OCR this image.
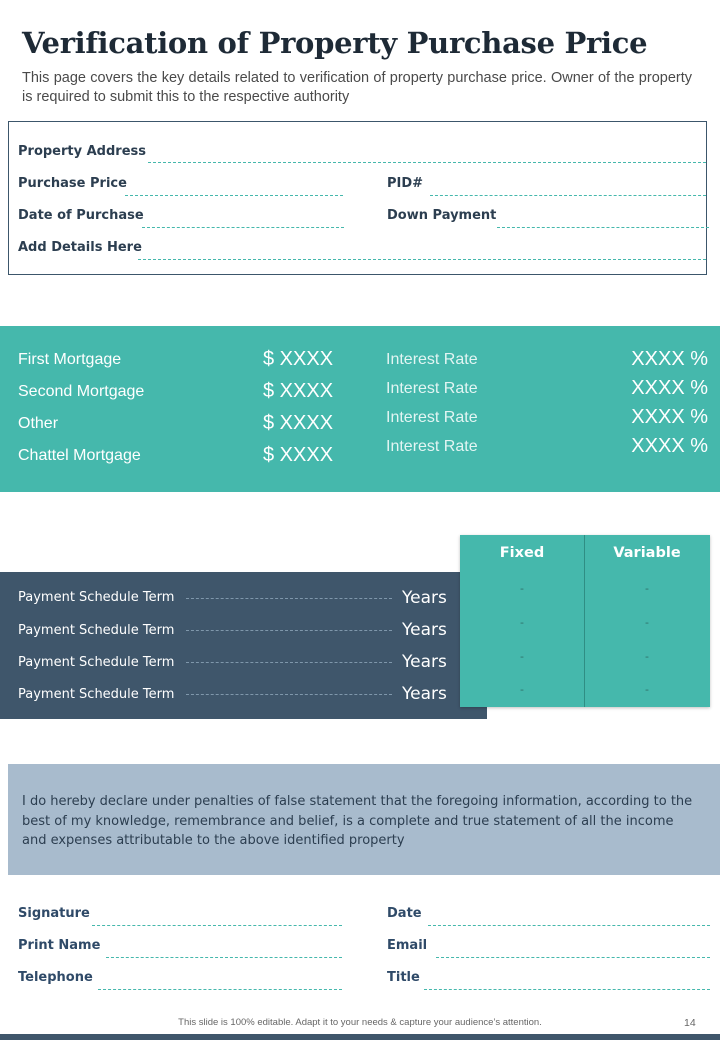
Verification of Property Purchase Price
This page covers the key details related to verification of property purchase price. Owner of the property is required to submit this to the respective authority
Property Address
Purchase Price	PID#
Date of Purchase	Down Payment
Add Details Here
First Mortgage	$ XXXX
Second Mortgage	$ XXXX
Other	$ XXXX
Chattel Mortgage	$ XXXX
Interest Rate	XXXX %
Interest Rate	XXXX %
Interest Rate	XXXX %
Interest Rate	XXXX %
Payment Schedule Term	Years
Payment Schedule Term	Years
Payment Schedule Term	Years
Payment Schedule Term	Years
Fixed	Variable
-	-
-	-
-	-
-	-
I do hereby declare under penalties of false statement that the foregoing information, according to the best of my knowledge, remembrance and belief, is a complete and true statement of all the income and expenses attributable to the above identified property
Signature	Date
Print Name	Email
Telephone	Title
This slide is 100% editable. Adapt it to your needs & capture your audience’s attention.	14
